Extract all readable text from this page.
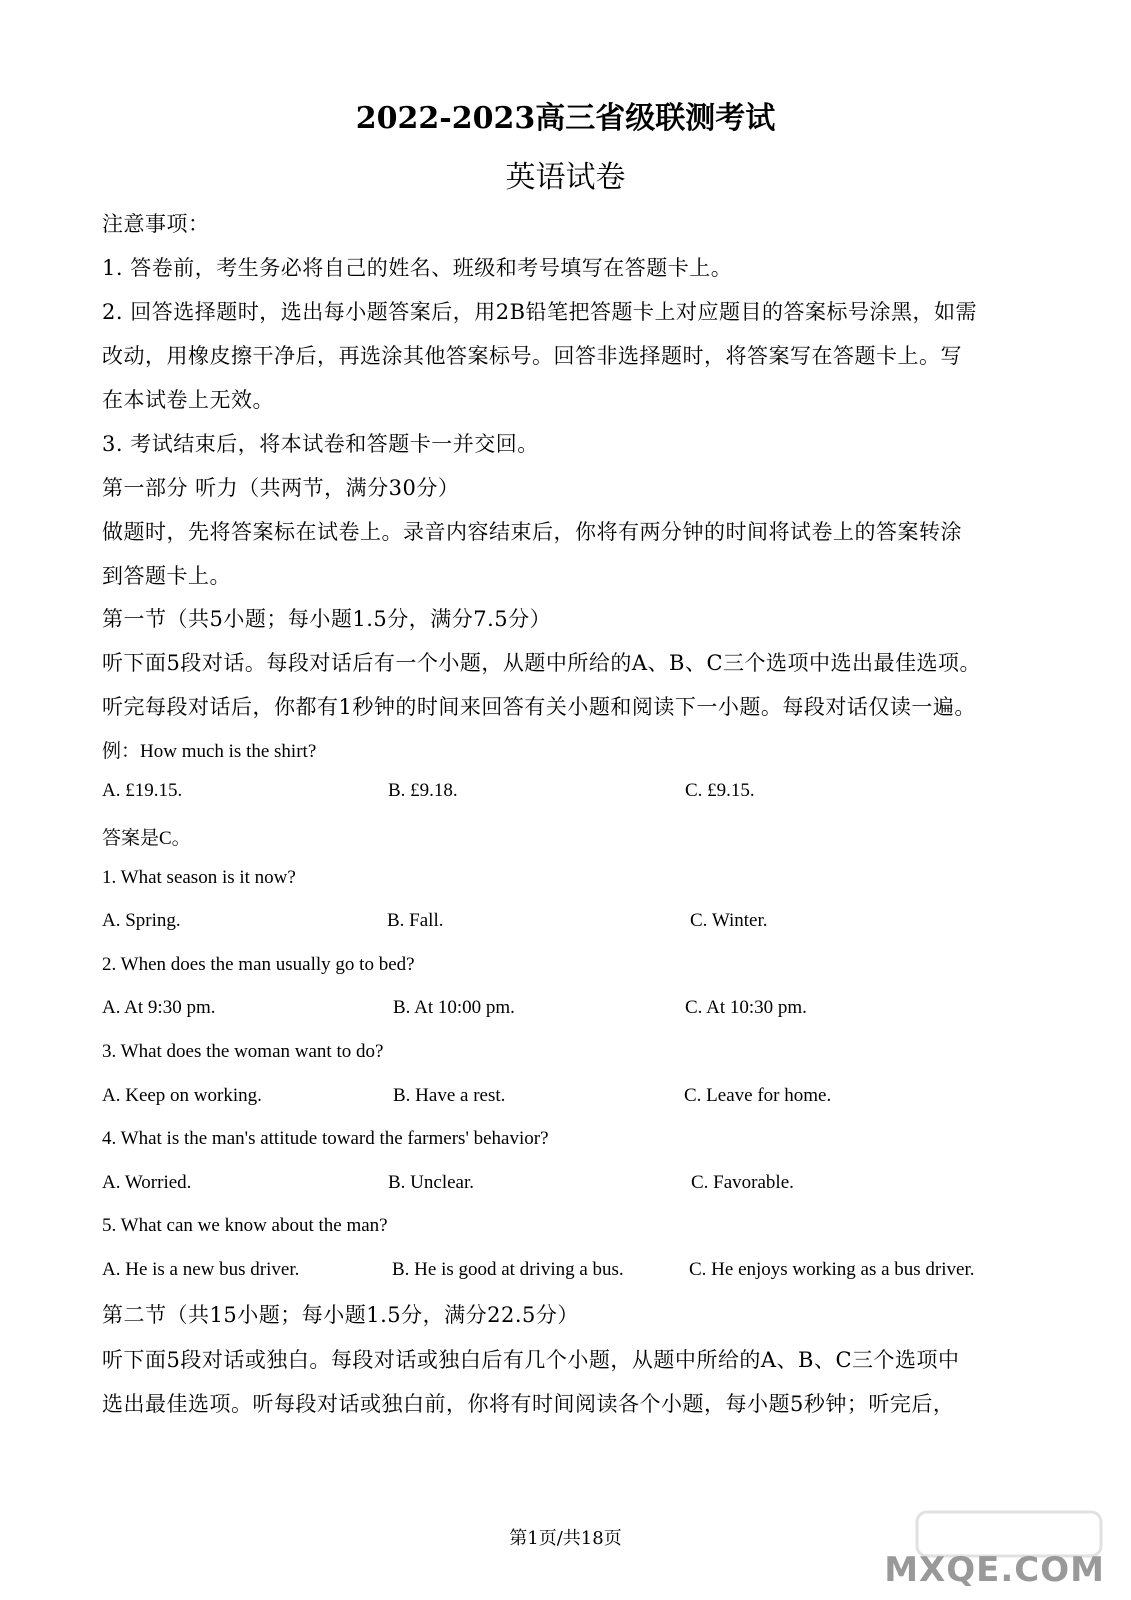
2022-2023高三省级联测考试
英语试卷
注意事项：
1. 答卷前，考生务必将自己的姓名、班级和考号填写在答题卡上。
2. 回答选择题时，选出每小题答案后，用2B铅笔把答题卡上对应题目的答案标号涂黑，如需
改动，用橡皮擦干净后，再选涂其他答案标号。回答非选择题时，将答案写在答题卡上。写
在本试卷上无效。
3. 考试结束后，将本试卷和答题卡一并交回。
第一部分 听力（共两节，满分30分）
做题时，先将答案标在试卷上。录音内容结束后，你将有两分钟的时间将试卷上的答案转涂
到答题卡上。
第一节（共5小题；每小题1.5分，满分7.5分）
听下面5段对话。每段对话后有一个小题，从题中所给的A、B、C三个选项中选出最佳选项。
听完每段对话后，你都有1秒钟的时间来回答有关小题和阅读下一小题。每段对话仅读一遍。
例：How much is the shirt?
A. £19.15.	B. £9.18.	C. £9.15.
答案是C。
1. What season is it now?
A. Spring.	B. Fall.	C. Winter.
2. When does the man usually go to bed?
A. At 9:30 pm.	B. At 10:00 pm.	C. At 10:30 pm.
3. What does the woman want to do?
A. Keep on working.	B. Have a rest.	C. Leave for home.
4. What is the man's attitude toward the farmers' behavior?
A. Worried.	B. Unclear.	C. Favorable.
5. What can we know about the man?
A. He is a new bus driver.	B. He is good at driving a bus.	C. He enjoys working as a bus driver.
第二节（共15小题；每小题1.5分，满分22.5分）
听下面5段对话或独白。每段对话或独白后有几个小题，从题中所给的A、B、C三个选项中
选出最佳选项。听每段对话或独白前，你将有时间阅读各个小题，每小题5秒钟；听完后，
第1页/共18页
MXQE.COM
